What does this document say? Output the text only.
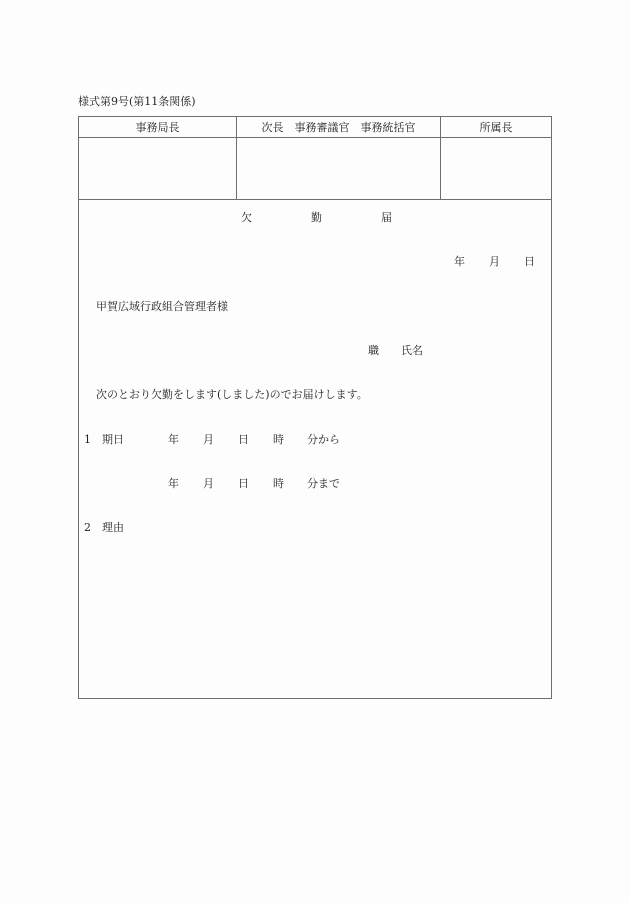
様式第9号(第11条関係)
事務局長	次長　事務審議官　事務統括官	所属長
欠	勤	届
年 月 日
甲賀広域行政組合管理者様
職 氏名
次のとおり欠勤をします(しました)のでお届けします。
1 期日	年 月 日 時 分から
年 月 日 時 分まで
2 理由
